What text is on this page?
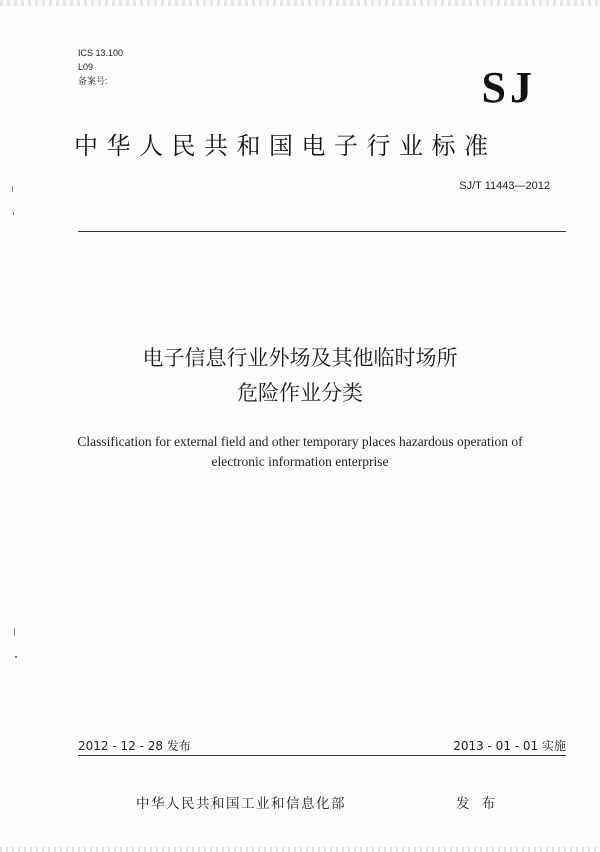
ICS 13.100
L09
备案号:	SJ
中华人民共和国电子行业标准
SJ/T 11443—2012
电子信息行业外场及其他临时场所
危险作业分类
Classification for external field and other temporary places hazardous operation of
electronic information enterprise
2012 - 12 - 28 发布	2013 - 01 - 01 实施
中华人民共和国工业和信息化部	发 布
